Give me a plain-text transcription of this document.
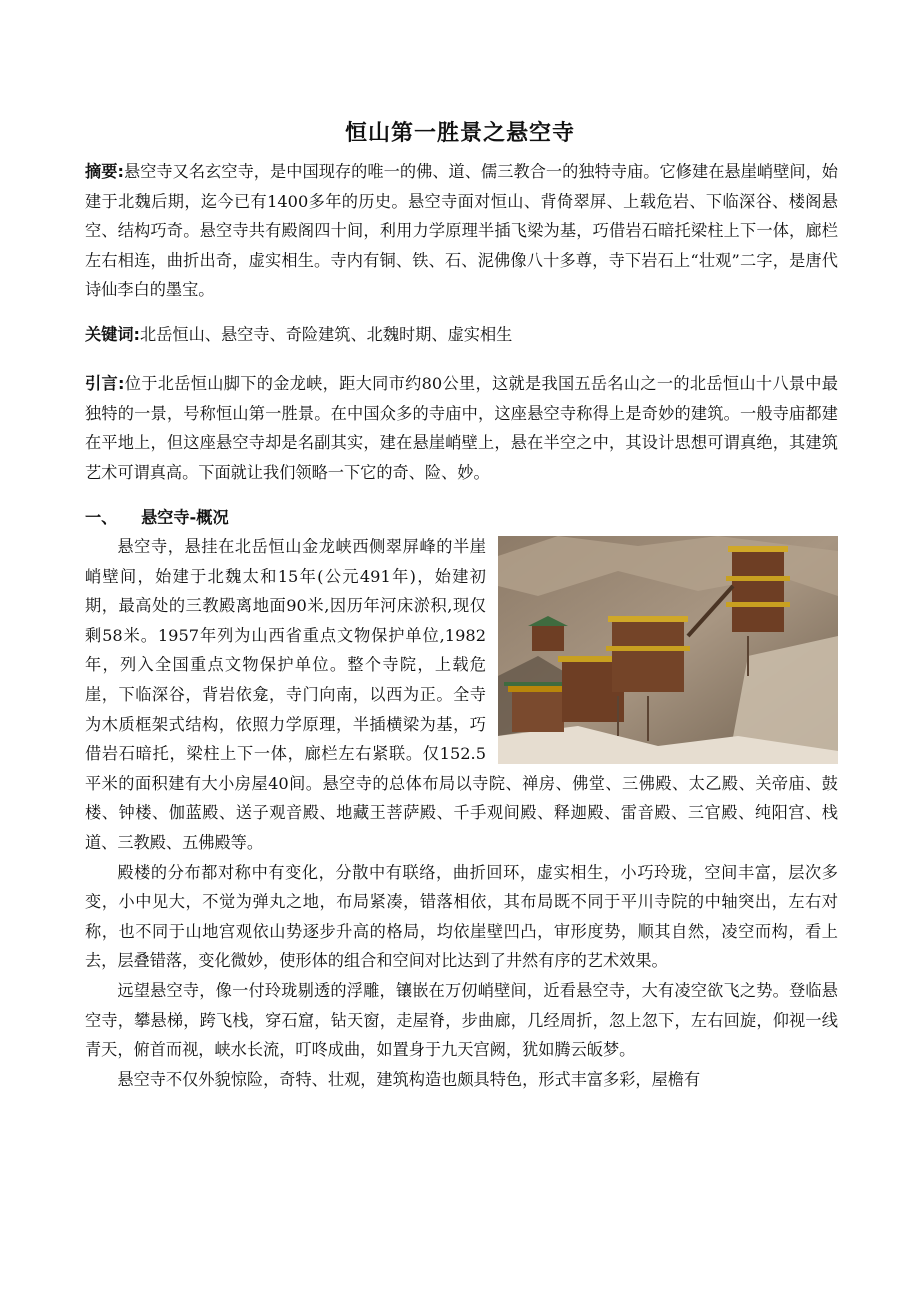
恒山第一胜景之悬空寺

摘要:悬空寺又名玄空寺，是中国现存的唯一的佛、道、儒三教合一的独特寺庙。它修建在悬崖峭壁间，始建于北魏后期，迄今已有1400多年的历史。悬空寺面对恒山、背倚翠屏、上载危岩、下临深谷、楼阁悬空、结构巧奇。悬空寺共有殿阁四十间，利用力学原理半插飞梁为基，巧借岩石暗托梁柱上下一体，廊栏左右相连，曲折出奇，虚实相生。寺内有铜、铁、石、泥佛像八十多尊，寺下岩石上“壮观”二字，是唐代诗仙李白的墨宝。

关键词:北岳恒山、悬空寺、奇险建筑、北魏时期、虚实相生

引言:位于北岳恒山脚下的金龙峡，距大同市约80公里，这就是我国五岳名山之一的北岳恒山十八景中最独特的一景，号称恒山第一胜景。在中国众多的寺庙中，这座悬空寺称得上是奇妙的建筑。一般寺庙都建在平地上，但这座悬空寺却是名副其实，建在悬崖峭壁上，悬在半空之中，其设计思想可谓真绝，其建筑艺术可谓真高。下面就让我们领略一下它的奇、险、妙。

一、 悬空寺-概况

悬空寺，悬挂在北岳恒山金龙峡西侧翠屏峰的半崖峭壁间，始建于北魏太和15年(公元491年)，始建初期，最高处的三教殿离地面90米,因历年河床淤积,现仅剩58米。1957年列为山西省重点文物保护单位,1982年，列入全国重点文物保护单位。整个寺院，上载危崖，下临深谷，背岩依龛，寺门向南，以西为正。全寺为木质框架式结构，依照力学原理，半插横梁为基，巧借岩石暗托，梁柱上下一体，廊栏左右紧联。仅152.5平米的面积建有大小房屋40间。悬空寺的总体布局以寺院、禅房、佛堂、三佛殿、太乙殿、关帝庙、鼓楼、钟楼、伽蓝殿、送子观音殿、地藏王菩萨殿、千手观间殿、释迦殿、雷音殿、三官殿、纯阳宫、栈道、三教殿、五佛殿等。

殿楼的分布都对称中有变化，分散中有联络，曲折回环，虚实相生，小巧玲珑，空间丰富，层次多变，小中见大，不觉为弹丸之地，布局紧凑，错落相依，其布局既不同于平川寺院的中轴突出，左右对称，也不同于山地宫观依山势逐步升高的格局，均依崖壁凹凸，审形度势，顺其自然，凌空而构，看上去，层叠错落，变化微妙，使形体的组合和空间对比达到了井然有序的艺术效果。

远望悬空寺，像一付玲珑剔透的浮雕，镶嵌在万仞峭壁间，近看悬空寺，大有凌空欲飞之势。登临悬空寺，攀悬梯，跨飞栈，穿石窟，钻天窗，走屋脊，步曲廊，几经周折，忽上忽下，左右回旋，仰视一线青天，俯首而视，峡水长流，叮咚成曲，如置身于九天宫阙，犹如腾云皈梦。

悬空寺不仅外貌惊险，奇特、壮观，建筑构造也颇具特色，形式丰富多彩，屋檐有
